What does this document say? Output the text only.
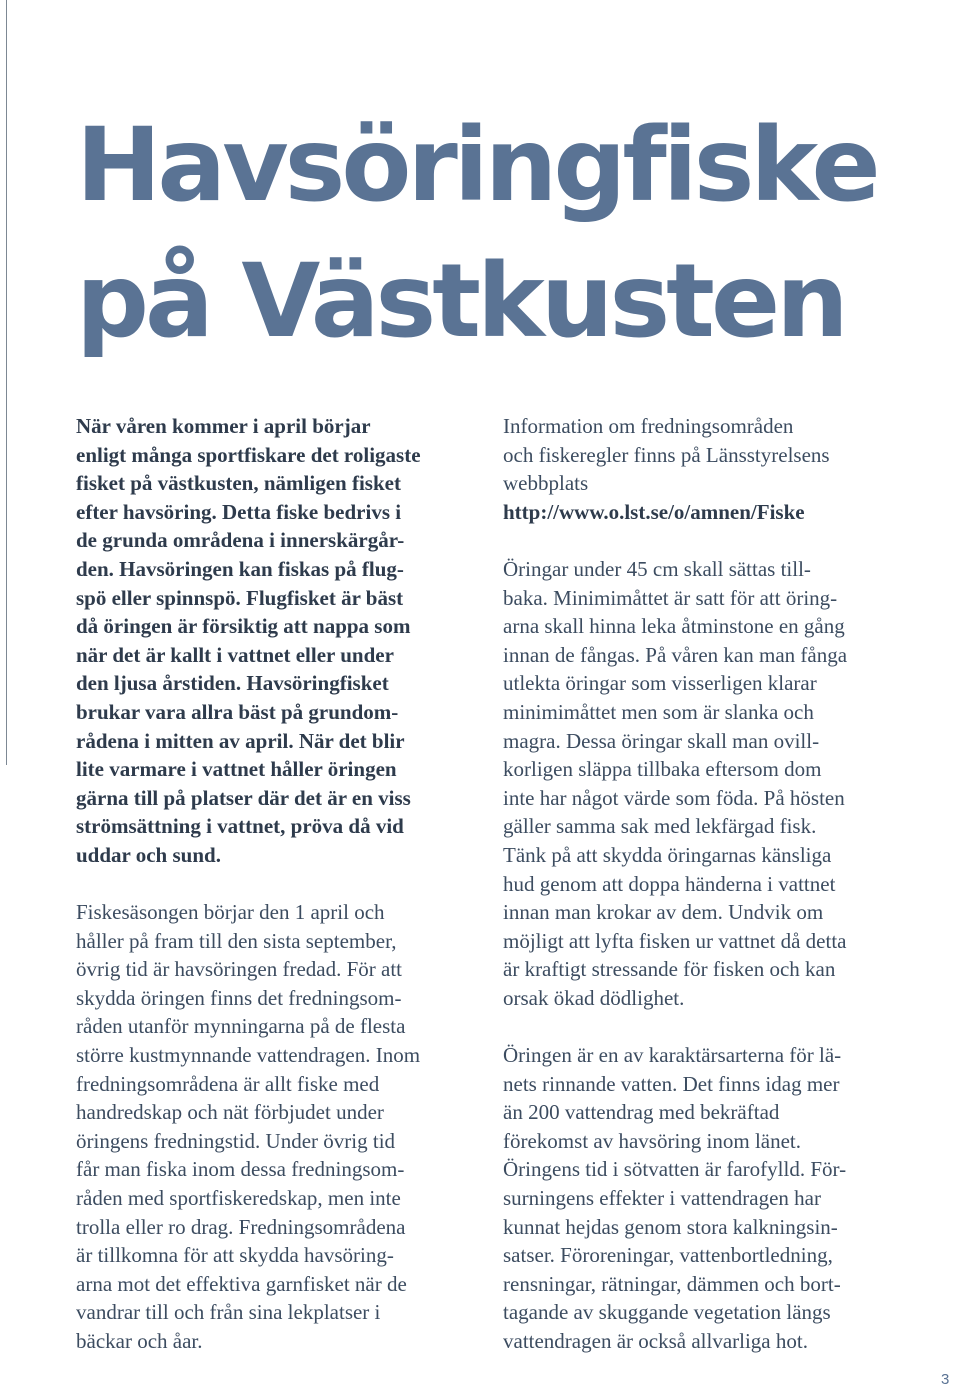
Havsöringfiske
på Västkusten

När våren kommer i april börjar
enligt många sportfiskare det roligaste
fisket på västkusten, nämligen fisket
efter havsöring. Detta fiske bedrivs i
de grunda områdena i innerskärgår-
den. Havsöringen kan fiskas på flug-
spö eller spinnspö. Flugfisket är bäst
då öringen är försiktig att nappa som
när det är kallt i vattnet eller under
den ljusa årstiden. Havsöringfisket
brukar vara allra bäst på grundom-
rådena i mitten av april. När det blir
lite varmare i vattnet håller öringen
gärna till på platser där det är en viss
strömsättning i vattnet, pröva då vid
uddar och sund.

Fiskesäsongen börjar den 1 april och
håller på fram till den sista september,
övrig tid är havsöringen fredad. För att
skydda öringen finns det fredningsom-
råden utanför mynningarna på de flesta
större kustmynnande vattendragen. Inom
fredningsområdena är allt fiske med
handredskap och nät förbjudet under
öringens fredningstid. Under övrig tid
får man fiska inom dessa fredningsom-
råden med sportfiskeredskap, men inte
trolla eller ro drag. Fredningsområdena
är tillkomna för att skydda havsöring-
arna mot det effektiva garnfisket när de
vandrar till och från sina lekplatser i
bäckar och åar.

Information om fredningsområden
och fiskeregler finns på Länsstyrelsens
webbplats
http://www.o.lst.se/o/amnen/Fiske

Öringar under 45 cm skall sättas till-
baka. Minimimåttet är satt för att öring-
arna skall hinna leka åtminstone en gång
innan de fångas. På våren kan man fånga
utlekta öringar som visserligen klarar
minimimåttet men som är slanka och
magra. Dessa öringar skall man ovill-
korligen släppa tillbaka eftersom dom
inte har något värde som föda. På hösten
gäller samma sak med lekfärgad fisk.
Tänk på att skydda öringarnas känsliga
hud genom att doppa händerna i vattnet
innan man krokar av dem. Undvik om
möjligt att lyfta fisken ur vattnet då detta
är kraftigt stressande för fisken och kan
orsak ökad dödlighet.

Öringen är en av karaktärsarterna för lä-
nets rinnande vatten. Det finns idag mer
än 200 vattendrag med bekräftad
förekomst av havsöring inom länet.
Öringens tid i sötvatten är farofylld. För-
surningens effekter i vattendragen har
kunnat hejdas genom stora kalkningsin-
satser. Föroreningar, vattenbortledning,
rensningar, rätningar, dämmen och bort-
tagande av skuggande vegetation längs
vattendragen är också allvarliga hot.

3
